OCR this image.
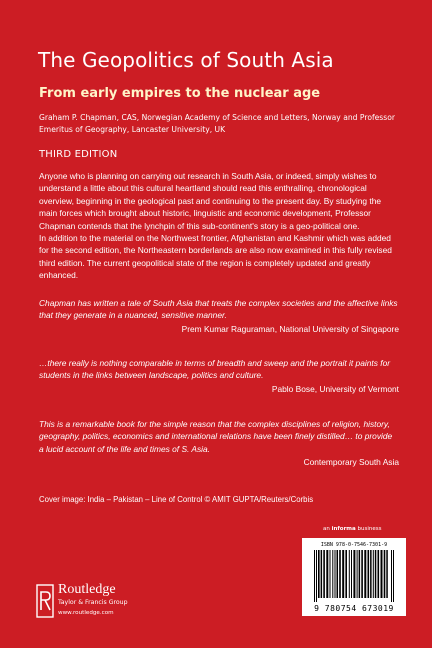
The Geopolitics of South Asia
From early empires to the nuclear age
Graham P. Chapman, CAS, Norwegian Academy of Science and Letters, Norway and Professor Emeritus of Geography, Lancaster University, UK
THIRD EDITION

Anyone who is planning on carrying out research in South Asia, or indeed, simply wishes to understand a little about this cultural heartland should read this enthralling, chronological overview, beginning in the geological past and continuing to the present day. By studying the main forces which brought about historic, linguistic and economic development, Professor Chapman contends that the lynchpin of this sub-continent's story is a geo-political one.

In addition to the material on the Northwest frontier, Afghanistan and Kashmir which was added for the second edition, the Northeastern borderlands are also now examined in this fully revised third edition. The current geopolitical state of the region is completely updated and greatly enhanced.

Chapman has written a tale of South Asia that treats the complex societies and the affective links that they generate in a nuanced, sensitive manner.

Prem Kumar Raguraman, National University of Singapore

…there really is nothing comparable in terms of breadth and sweep and the portrait it paints for students in the links between landscape, politics and culture.

Pablo Bose, University of Vermont

This is a remarkable book for the simple reason that the complex disciplines of religion, history, geography, politics, economics and international relations have been finely distilled… to provide a lucid account of the life and times of S. Asia.

Contemporary South Asia

Cover image: India – Pakistan – Line of Control © AMIT GUPTA/Reuters/Corbis
an informa business
ISBN 978-0-7546-7301-9
9 780754 673019
Routledge
Taylor & Francis Group
www.routledge.com
